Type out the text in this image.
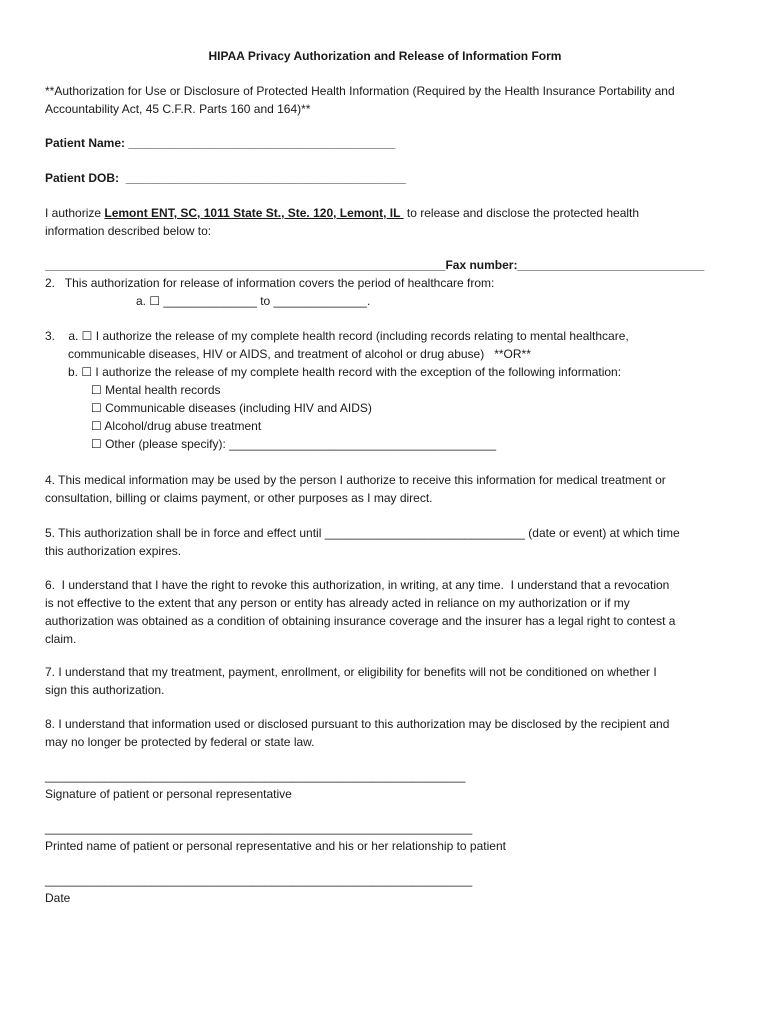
HIPAA Privacy Authorization and Release of Information Form
**Authorization for Use or Disclosure of Protected Health Information (Required by the Health Insurance Portability and
Accountability Act, 45 C.F.R. Parts 160 and 164)**
Patient Name: ________________________________________
Patient DOB: __________________________________________
I authorize Lemont ENT, SC, 1011 State St., Ste. 120, Lemont, IL  to release and disclose the protected health
information described below to:
____________________________________________________________Fax number:____________________________
2.   This authorization for release of information covers the period of healthcare from:
a. ☐ ______________ to ______________.
3.    a. ☐ I authorize the release of my complete health record (including records relating to mental healthcare,
communicable diseases, HIV or AIDS, and treatment of alcohol or drug abuse)   **OR**
b. ☐ I authorize the release of my complete health record with the exception of the following information:
☐ Mental health records
☐ Communicable diseases (including HIV and AIDS)
☐ Alcohol/drug abuse treatment
☐ Other (please specify): ________________________________________
4. This medical information may be used by the person I authorize to receive this information for medical treatment or
consultation, billing or claims payment, or other purposes as I may direct.
5. This authorization shall be in force and effect until ______________________________ (date or event) at which time
this authorization expires.
6.  I understand that I have the right to revoke this authorization, in writing, at any time.  I understand that a revocation
is not effective to the extent that any person or entity has already acted in reliance on my authorization or if my
authorization was obtained as a condition of obtaining insurance coverage and the insurer has a legal right to contest a
claim.
7. I understand that my treatment, payment, enrollment, or eligibility for benefits will not be conditioned on whether I
sign this authorization.
8. I understand that information used or disclosed pursuant to this authorization may be disclosed by the recipient and
may no longer be protected by federal or state law.
_______________________________________________________________
Signature of patient or personal representative
________________________________________________________________
Printed name of patient or personal representative and his or her relationship to patient
________________________________________________________________
Date
